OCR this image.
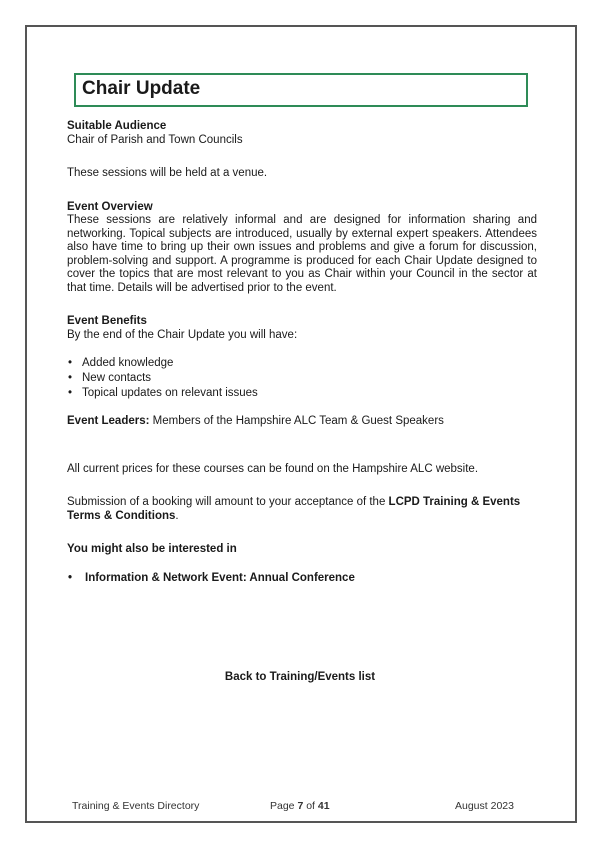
Chair Update

Suitable Audience

Chair of Parish and Town Councils

These sessions will be held at a venue.

Event Overview

These sessions are relatively informal and are designed for information sharing and networking. Topical subjects are introduced, usually by external expert speakers. Attendees also have time to bring up their own issues and problems and give a forum for discussion, problem-solving and support. A programme is produced for each Chair Update designed to cover the topics that are most relevant to you as Chair within your Council in the sector at that time. Details will be advertised prior to the event.

Event Benefits

By the end of the Chair Update you will have:

• Added knowledge
• New contacts
• Topical updates on relevant issues

Event Leaders: Members of the Hampshire ALC Team & Guest Speakers

All current prices for these courses can be found on the Hampshire ALC website.

Submission of a booking will amount to your acceptance of the LCPD Training & Events Terms & Conditions.

You might also be interested in

• Information & Network Event: Annual Conference
Back to Training/Events list
Training & Events Directory	Page 7 of 41	August 2023
